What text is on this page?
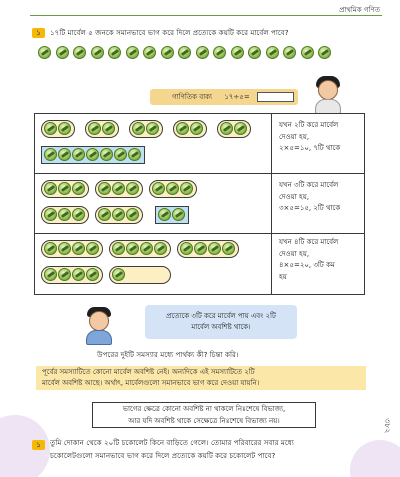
প্রাথমিক গণিত
১	১৭টি মার্বেল ৫ জনকে সমানভাবে ভাগ করে দিলে প্রত্যেকে কয়টি করে মার্বেল পাবে?
গাণিতিক বাক্য ১৭÷৫=
যখন ২টি করে মার্বেল
দেওয়া হয়,
২×৫=১০, ৭টি থাকে
যখন ৩টি করে মার্বেল
দেওয়া হয়,
৩×৫=১৫, ২টি থাকে
যখন ৪টি করে মার্বেল
দেওয়া হয়,
৪×৫=২০, ৩টি কম
হয়
প্রত্যেকে ৩টি করে মার্বেল পায় এবং ২টি
মার্বেল অবশিষ্ট থাকে।
উপরের দুইটি সমস্যার মধ্যে পার্থক্য কী? চিন্তা করি।
পূর্বের সমস্যাটিতে কোনো মার্বেল অবশিষ্ট নেই। অন্যদিকে এই সমস্যাটিতে ২টি
মার্বেল অবশিষ্ট আছে। অর্থাৎ, মার্বেলগুলো সমানভাবে ভাগ করে দেওয়া যায়নি।
ভাগের ক্ষেত্রে কোনো অবশিষ্ট না থাকলে নিঃশেষে বিভাজ্য,
আর যদি অবশিষ্ট থাকে সেক্ষেত্রে নিঃশেষে বিভাজ্য নয়।
১	তুমি দোকান থেকে ২০টি চকোলেট কিনে বাড়িতে গেলে। তোমার পরিবারের সবার মধ্যে
চকোলেটগুলো সমানভাবে ভাগ করে দিলে প্রত্যেকে কয়টি করে চকোলেট পাবে?
৩৮২
